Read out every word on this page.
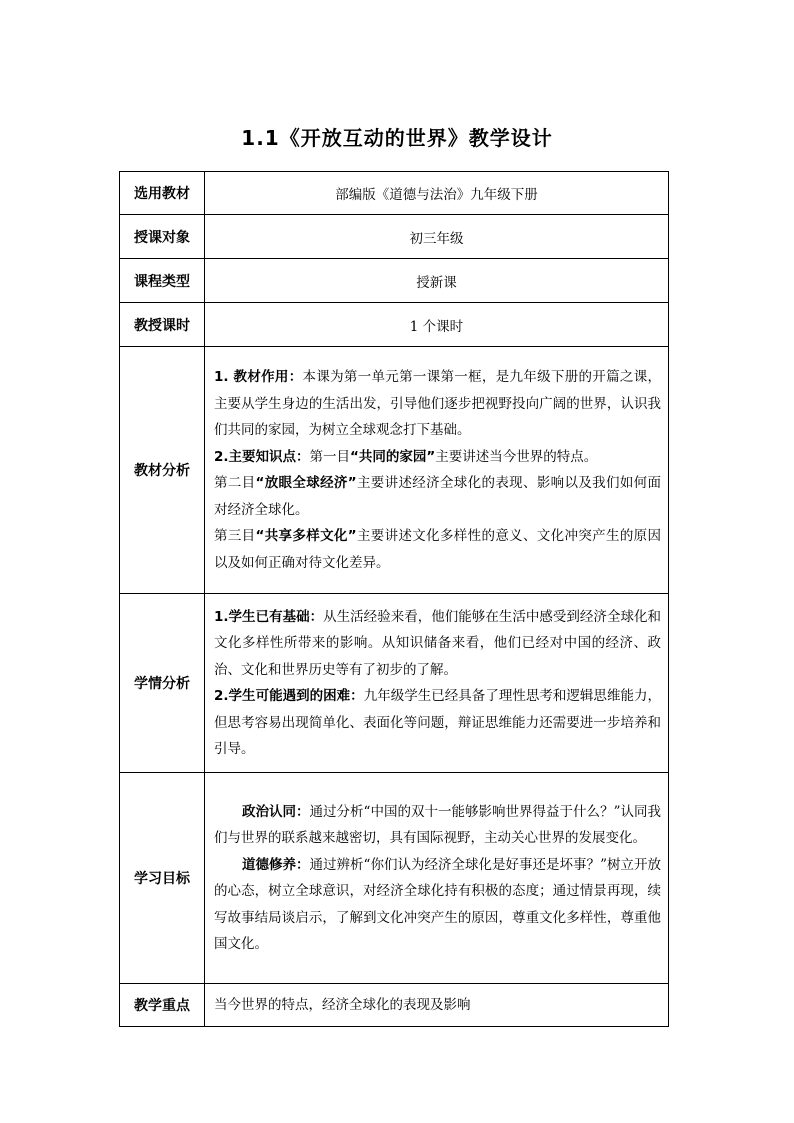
1.1《开放互动的世界》教学设计
选用教材	部编版《道德与法治》九年级下册
授课对象	初三年级
课程类型	授新课
教授课时	1 个课时
教材分析	1. 教材作用：本课为第一单元第一课第一框，是九年级下册的开篇之课，主要从学生身边的生活出发，引导他们逐步把视野投向广阔的世界，认识我们共同的家园，为树立全球观念打下基础。

2.主要知识点：第一目“共同的家园”主要讲述当今世界的特点。

第二目“放眼全球经济”主要讲述经济全球化的表现、影响以及我们如何面对经济全球化。

第三目“共享多样文化”主要讲述文化多样性的意义、文化冲突产生的原因以及如何正确对待文化差异。

学情分析	1.学生已有基础：从生活经验来看，他们能够在生活中感受到经济全球化和文化多样性所带来的影响。从知识储备来看，他们已经对中国的经济、政治、文化和世界历史等有了初步的了解。

2.学生可能遇到的困难：九年级学生已经具备了理性思考和逻辑思维能力，但思考容易出现简单化、表面化等问题，辩证思维能力还需要进一步培养和引导。

学习目标	政治认同：通过分析“中国的双十一能够影响世界得益于什么？”认同我们与世界的联系越来越密切，具有国际视野，主动关心世界的发展变化。

道德修养：通过辨析“你们认为经济全球化是好事还是坏事？”树立开放的心态，树立全球意识，对经济全球化持有积极的态度；通过情景再现，续写故事结局谈启示，了解到文化冲突产生的原因，尊重文化多样性，尊重他国文化。

教学重点	当今世界的特点，经济全球化的表现及影响
